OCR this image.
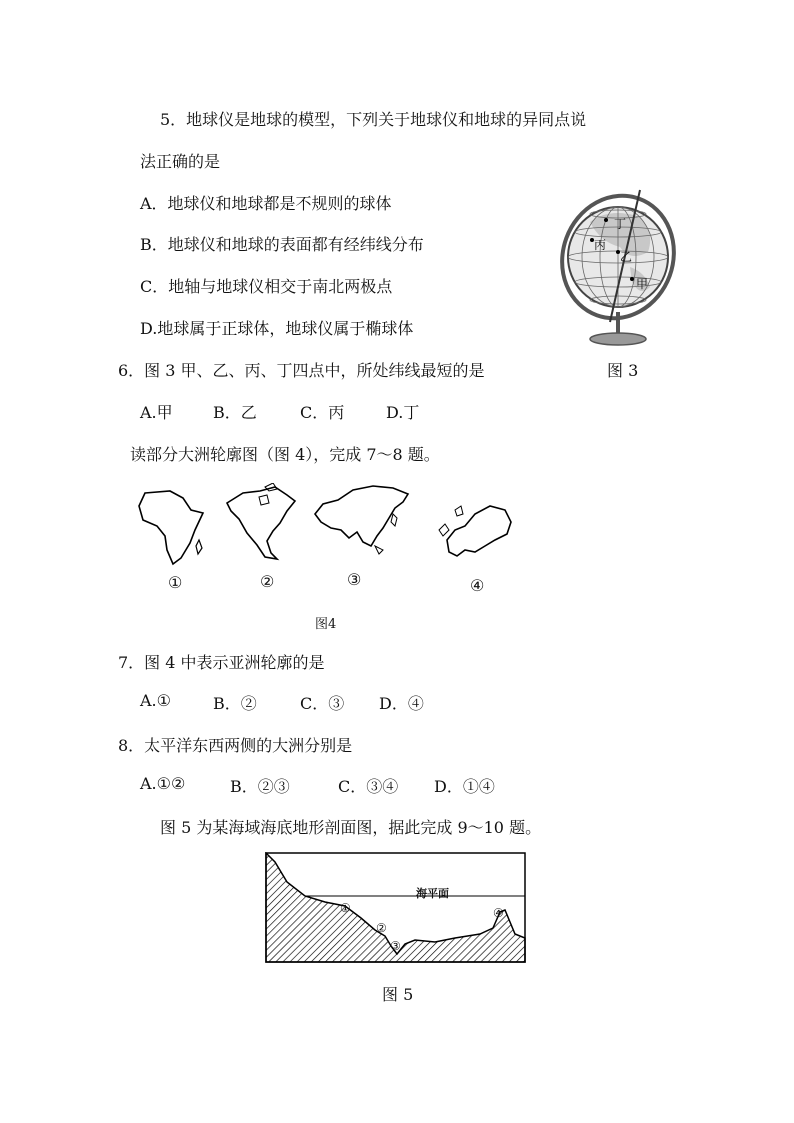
5．地球仪是地球的模型，下列关于地球仪和地球的异同点说
法正确的是
A．地球仪和地球都是不规则的球体
B．地球仪和地球的表面都有经纬线分布
C．地轴与地球仪相交于南北两极点
D.地球属于正球体，地球仪属于椭球体
丁
丙
乙
甲
图 3
6．图 3 甲、乙、丙、丁四点中，所处纬线最短的是
A.甲	B．乙	C．丙	D.丁
读部分大洲轮廓图（图 4），完成 7～8 题。
①	②	③	④
图4
7．图 4 中表示亚洲轮廓的是
A.①	B．②	C．③ D．④
8．太平洋东西两侧的大洲分别是
A.①②	B．②③	C．③④ D．①④
图 5 为某海域海底地形剖面图，据此完成 9～10 题。
海平面
①
②
③
④
图 5
